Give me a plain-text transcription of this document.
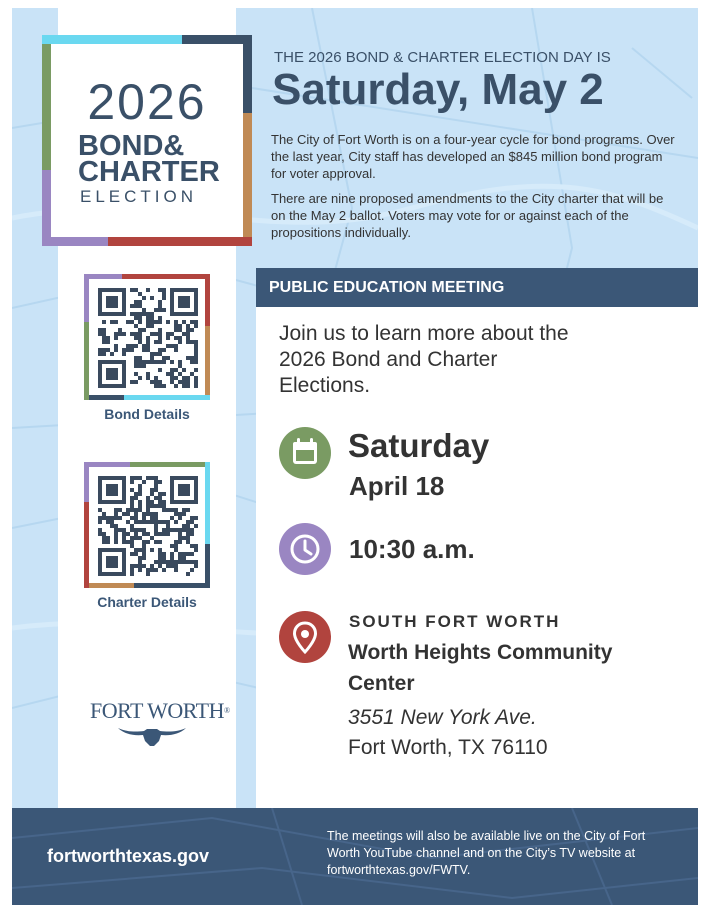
2026
BOND&
CHARTER
ELECTION
THE 2026 BOND & CHARTER ELECTION DAY IS
Saturday, May 2

The City of Fort Worth is on a four-year cycle for bond programs. Over the last year, City staff has developed an $845 million bond program for voter approval.

There are nine proposed amendments to the City charter that will be on the May 2 ballot. Voters may vote for or against each of the propositions individually.

PUBLIC EDUCATION MEETING
Join us to learn more about the 2026 Bond and Charter Elections.
Saturday
April 18
10:30 a.m.
SOUTH FORT WORTH
Worth Heights Community Center
3551 New York Ave.
Fort Worth, TX 76110
Bond Details
Charter Details
FORT WORTH®
fortworthtexas.gov
The meetings will also be available live on the City of Fort Worth YouTube channel and on the City’s TV website at fortworthtexas.gov/FWTV.
